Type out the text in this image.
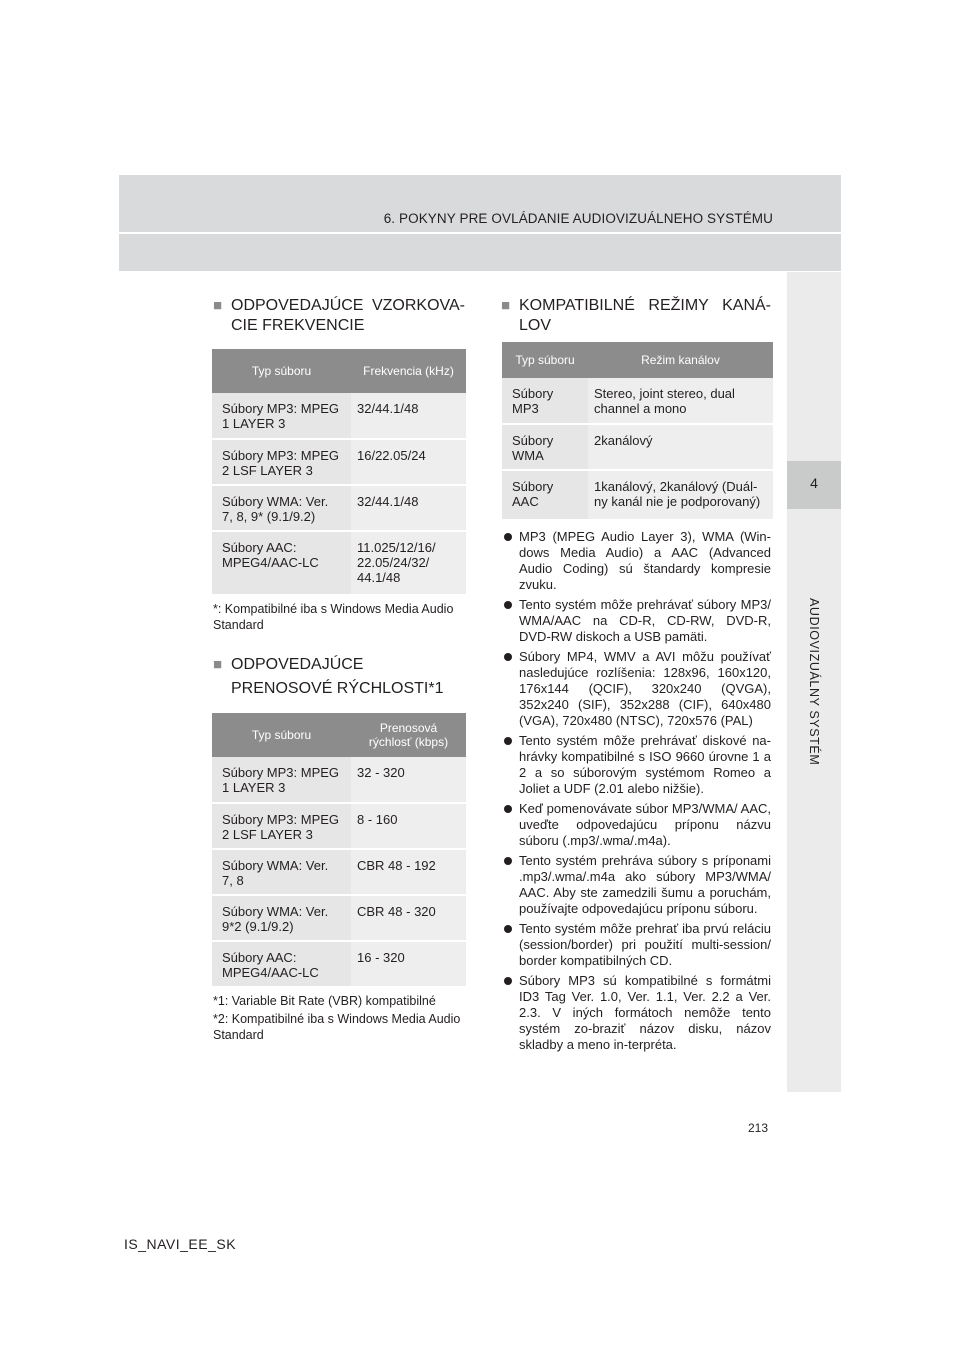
6. POKYNY PRE OVLÁDANIE AUDIOVIZUÁLNEHO SYSTÉMU
4
AUDIOVIZUÁLNY SYSTÉM
■ ODPOVEDAJÚCE VZORKOVA-CIE FREKVENCIE
Typ súboru	Frekvencia (kHz)
Súbory MP3: MPEG 1 LAYER 3	32/44.1/48
Súbory MP3: MPEG 2 LSF LAYER 3	16/22.05/24
Súbory WMA: Ver. 7, 8, 9* (9.1/9.2)	32/44.1/48
Súbory AAC: MPEG4/AAC-LC	11.025/12/16/ 22.05/24/32/ 44.1/48
*: Kompatibilné iba s Windows Media Audio Standard
■ ODPOVEDAJÚCE PRENOSOVÉ RÝCHLOSTI*1
Typ súboru	Prenosová rýchlosť (kbps)
Súbory MP3: MPEG 1 LAYER 3	32 - 320
Súbory MP3: MPEG 2 LSF LAYER 3	8 - 160
Súbory WMA: Ver. 7, 8	CBR 48 - 192
Súbory WMA: Ver. 9*2 (9.1/9.2)	CBR 48 - 320
Súbory AAC: MPEG4/AAC-LC	16 - 320
*1: Variable Bit Rate (VBR) kompatibilné
*2: Kompatibilné iba s Windows Media Audio Standard
■ KOMPATIBILNÉ REŽIMY KANÁ-LOV
Typ súboru	Režim kanálov
Súbory MP3	Stereo, joint stereo, dual channel a mono
Súbory WMA	2kanálový
Súbory AAC	1kanálový, 2kanálový (Duál-ny kanál nie je podporovaný)
MP3 (MPEG Audio Layer 3), WMA (Win-dows Media Audio) a AAC (Advanced Audio Coding) sú štandardy kompresie zvuku.
Tento systém môže prehrávať súbory MP3/ WMA/AAC na CD-R, CD-RW, DVD-R, DVD-RW diskoch a USB pamäti.
Súbory MP4, WMV a AVI môžu používať nasledujúce rozlíšenia: 128x96, 160x120, 176x144 (QCIF), 320x240 (QVGA), 352x240 (SIF), 352x288 (CIF), 640x480 (VGA), 720x480 (NTSC), 720x576 (PAL)
Tento systém môže prehrávať diskové na-hrávky kompatibilné s ISO 9660 úrovne 1 a 2 a so súborovým systémom Romeo a Joliet a UDF (2.01 alebo nižšie).
Keď pomenovávate súbor MP3/WMA/ AAC, uveďte odpovedajúcu príponu názvu súboru (.mp3/.wma/.m4a).
Tento systém prehráva súbory s príponami .mp3/.wma/.m4a ako súbory MP3/WMA/ AAC. Aby ste zamedzili šumu a poruchám, používajte odpovedajúcu príponu súboru.
Tento systém môže prehrať iba prvú reláciu (session/border) pri použití multi-session/ border kompatibilných CD.
Súbory MP3 sú kompatibilné s formátmi ID3 Tag Ver. 1.0, Ver. 1.1, Ver. 2.2 a Ver. 2.3. V iných formátoch nemôže tento systém zo-braziť názov disku, názov skladby a meno in-terpréta.
213
IS_NAVI_EE_SK
